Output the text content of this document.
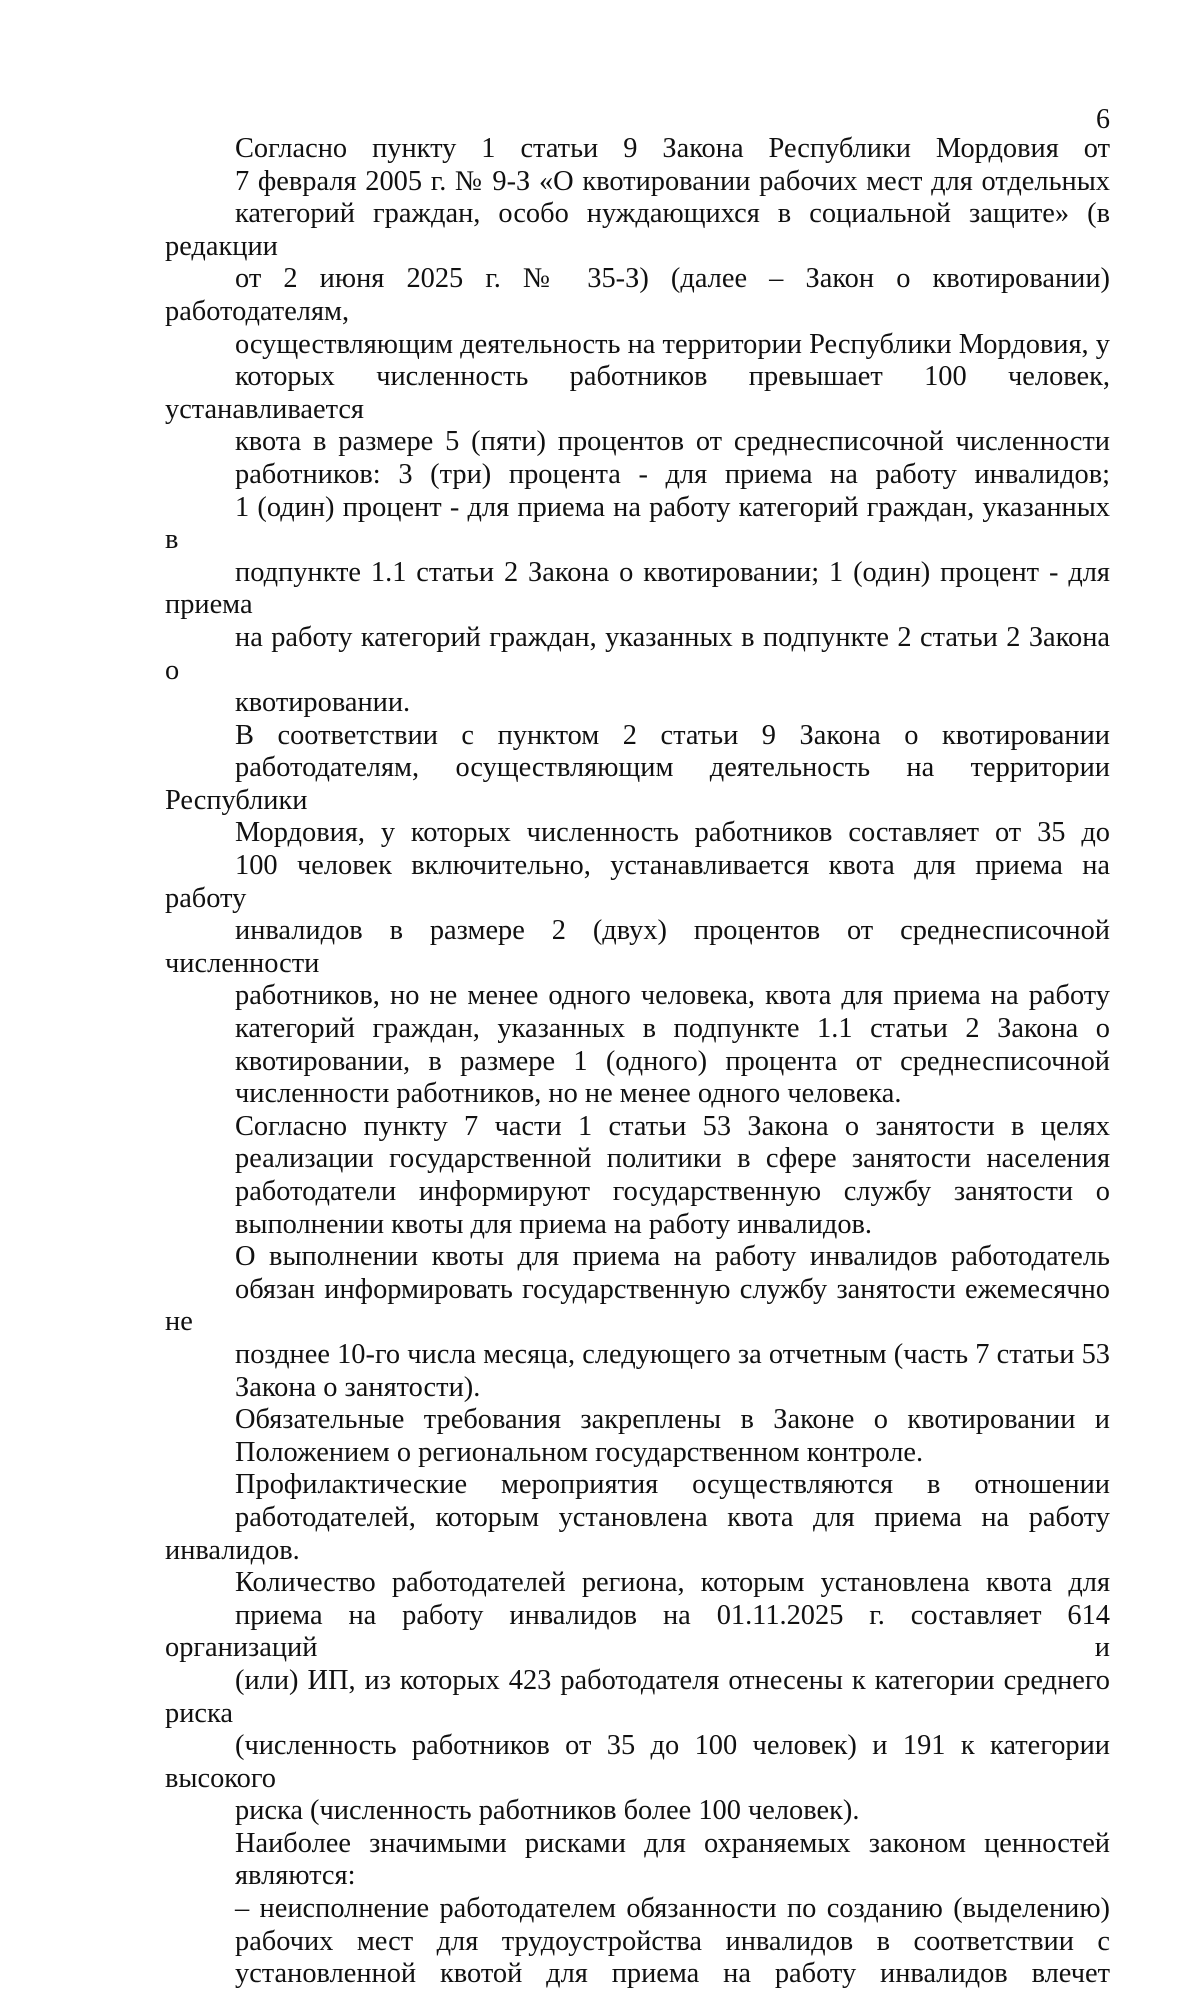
6

Согласно пункту 1 статьи 9 Закона Республики Мордовия от
7 февраля 2005 г. № 9-З «О квотировании рабочих мест для отдельных
категорий граждан, особо нуждающихся в социальной защите» (в редакции
от 2 июня 2025 г. № 35-З) (далее – Закон о квотировании) работодателям,
осуществляющим деятельность на территории Республики Мордовия, у
которых численность работников превышает 100 человек, устанавливается
квота в размере 5 (пяти) процентов от среднесписочной численности
работников: 3 (три) процента - для приема на работу инвалидов;
1 (один) процент - для приема на работу категорий граждан, указанных в
подпункте 1.1 статьи 2 Закона о квотировании; 1 (один) процент - для приема
на работу категорий граждан, указанных в подпункте 2 статьи 2 Закона о
квотировании.

В соответствии с пунктом 2 статьи 9 Закона о квотировании
работодателям, осуществляющим деятельность на территории Республики
Мордовия, у которых численность работников составляет от 35 до
100 человек включительно, устанавливается квота для приема на работу
инвалидов в размере 2 (двух) процентов от среднесписочной численности
работников, но не менее одного человека, квота для приема на работу
категорий граждан, указанных в подпункте 1.1 статьи 2 Закона о
квотировании, в размере 1 (одного) процента от среднесписочной
численности работников, но не менее одного человека.

Согласно пункту 7 части 1 статьи 53 Закона о занятости в целях
реализации государственной политики в сфере занятости населения
работодатели информируют государственную службу занятости о
выполнении квоты для приема на работу инвалидов.

О выполнении квоты для приема на работу инвалидов работодатель
обязан информировать государственную службу занятости ежемесячно не
позднее 10-го числа месяца, следующего за отчетным (часть 7 статьи 53
Закона о занятости).

Обязательные требования закреплены в Законе о квотировании и
Положением о региональном государственном контроле.

Профилактические мероприятия осуществляются в отношении
работодателей, которым установлена квота для приема на работу инвалидов.

Количество работодателей региона, которым установлена квота для
приема на работу инвалидов на 01.11.2025 г. составляет 614 организаций и
(или) ИП, из которых 423 работодателя отнесены к категории среднего риска
(численность работников от 35 до 100 человек) и 191 к категории высокого
риска (численность работников более 100 человек).

Наиболее значимыми рисками для охраняемых законом ценностей
являются:

– неисполнение работодателем обязанности по созданию (выделению)
рабочих мест для трудоустройства инвалидов в соответствии с
установленной квотой для приема на работу инвалидов влечет
